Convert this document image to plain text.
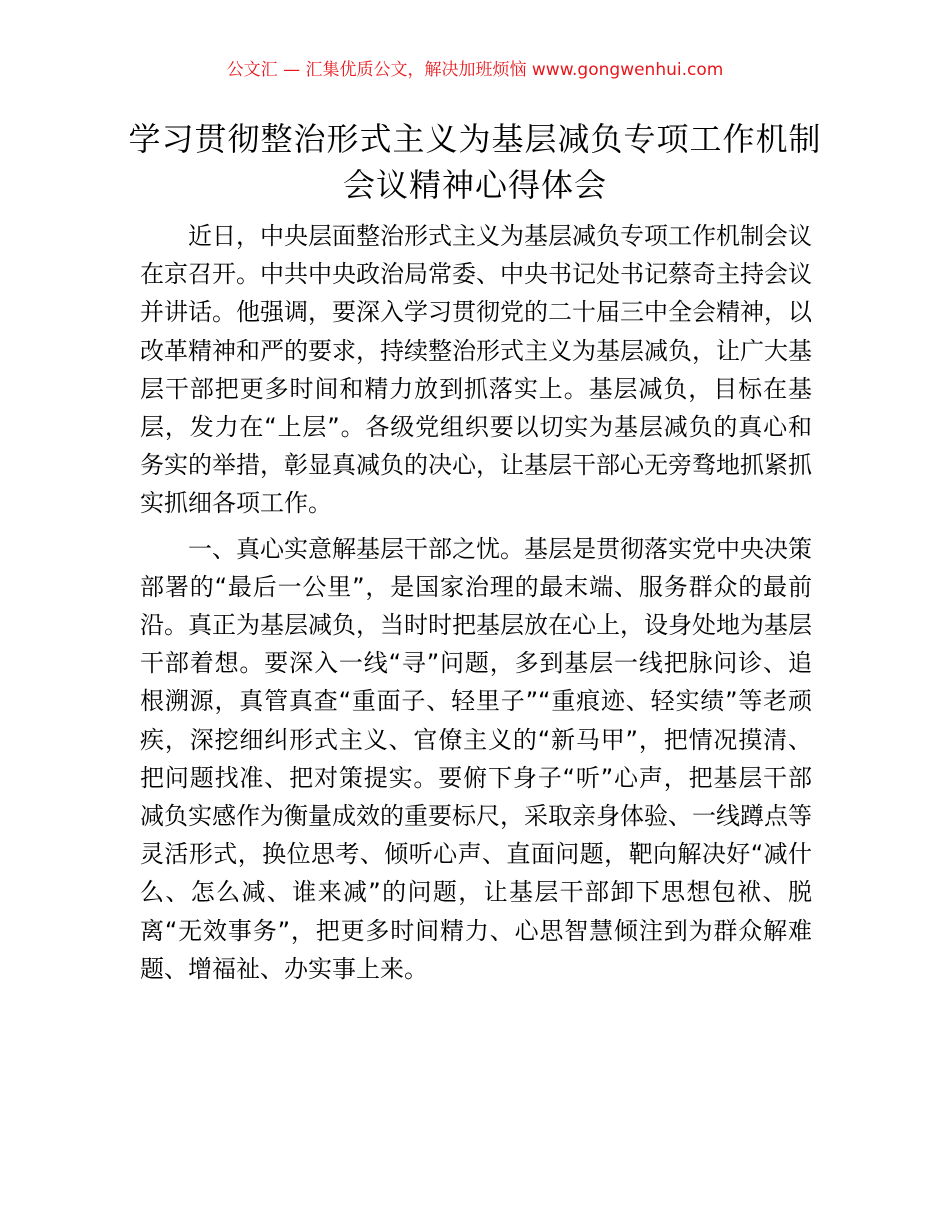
公文汇 — 汇集优质公文，解决加班烦恼 www.gongwenhui.com
学习贯彻整治形式主义为基层减负专项工作机制会议精神心得体会

近日，中央层面整治形式主义为基层减负专项工作机制会议在京召开。中共中央政治局常委、中央书记处书记蔡奇主持会议并讲话。他强调，要深入学习贯彻党的二十届三中全会精神，以改革精神和严的要求，持续整治形式主义为基层减负，让广大基层干部把更多时间和精力放到抓落实上。基层减负，目标在基层，发力在“上层”。各级党组织要以切实为基层减负的真心和务实的举措，彰显真减负的决心，让基层干部心无旁骛地抓紧抓实抓细各项工作。

一、真心实意解基层干部之忧。基层是贯彻落实党中央决策部署的“最后一公里”，是国家治理的最末端、服务群众的最前沿。真正为基层减负，当时时把基层放在心上，设身处地为基层干部着想。要深入一线“寻”问题，多到基层一线把脉问诊、追根溯源，真管真查“重面子、轻里子”“重痕迹、轻实绩”等老顽疾，深挖细纠形式主义、官僚主义的“新马甲”，把情况摸清、把问题找准、把对策提实。要俯下身子“听”心声，把基层干部减负实感作为衡量成效的重要标尺，采取亲身体验、一线蹲点等灵活形式，换位思考、倾听心声、直面问题，靶向解决好“减什么、怎么减、谁来减”的问题，让基层干部卸下思想包袱、脱离“无效事务”，把更多时间精力、心思智慧倾注到为群众解难题、增福祉、办实事上来。
